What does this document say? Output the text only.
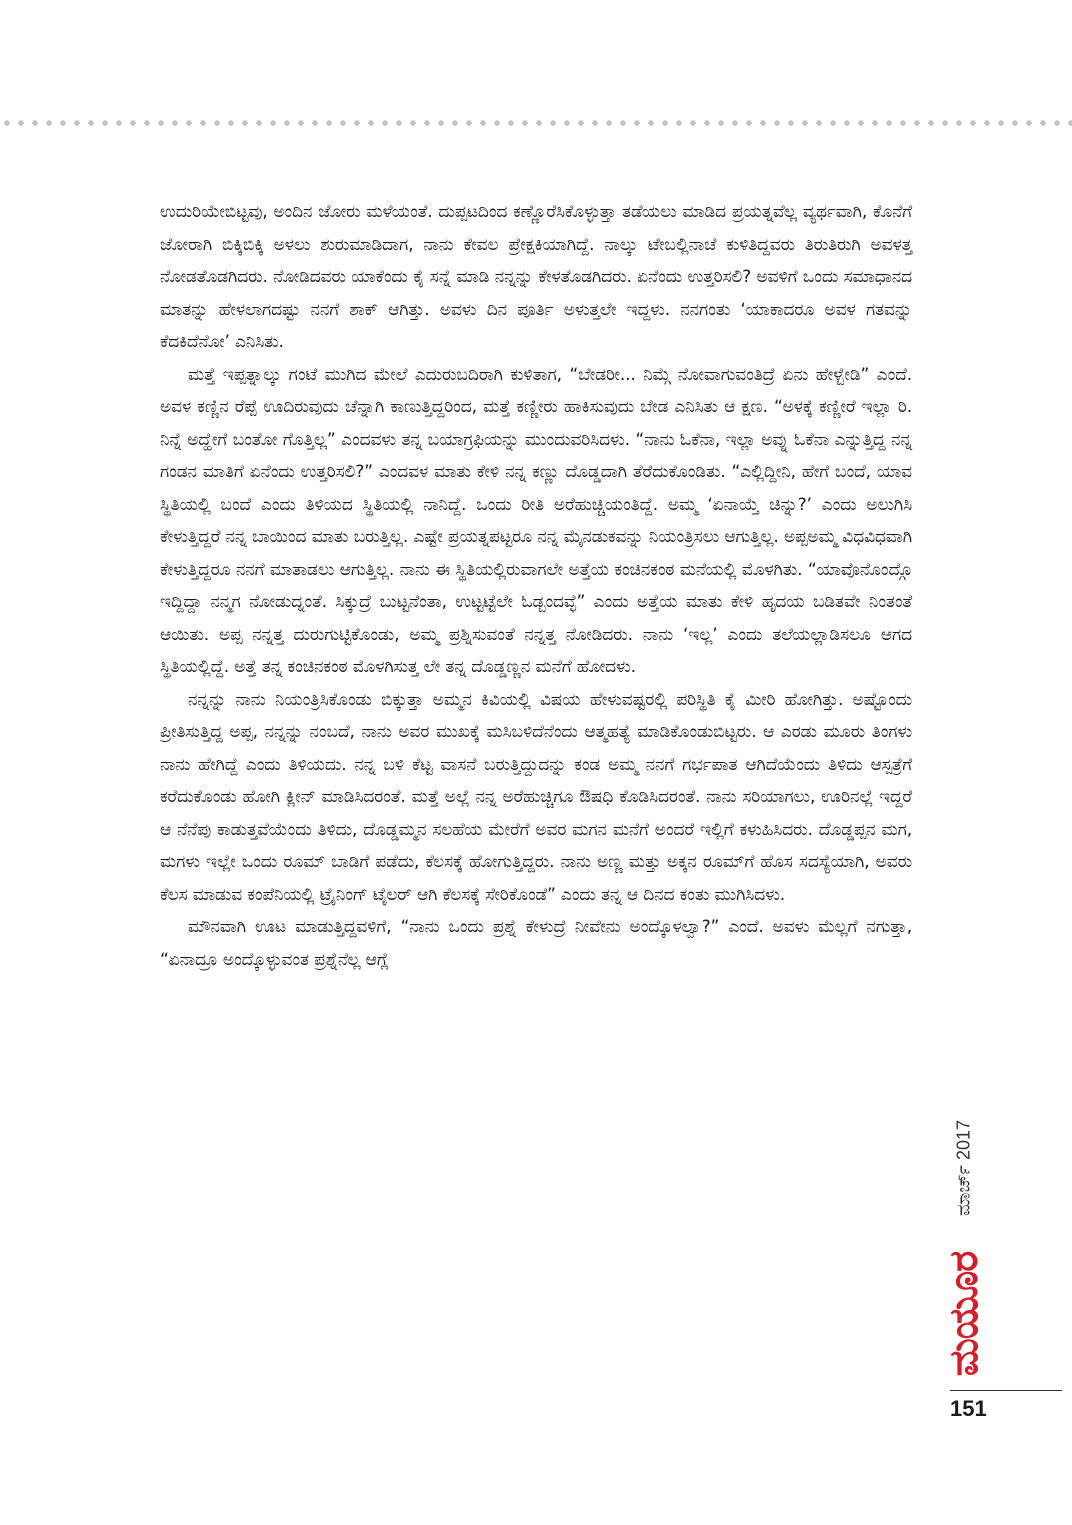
ಉದುರಿಯೇಬಿಟ್ಟವು, ಅಂದಿನ ಜೋರು ಮಳೆಯಂತೆ. ದುಪ್ಪಟದಿಂದ ಕಣ್ಣೊರೆಸಿಕೊಳ್ಳುತ್ತಾ ತಡೆಯಲು ಮಾಡಿದ ಪ್ರಯತ್ನವೆಲ್ಲ ವ್ಯರ್ಥವಾಗಿ, ಕೊನೆಗೆ ಜೋರಾಗಿ ಬಿಕ್ಕಿಬಿಕ್ಕಿ ಅಳಲು ಶುರುಮಾಡಿದಾಗ, ನಾನು ಕೇವಲ ಪ್ರೇಕ್ಷಕಿಯಾಗಿದ್ದೆ. ನಾಲ್ಕು ಟೇಬಲ್ಲಿನಾಚೆ ಕುಳಿತಿದ್ದವರು ತಿರುತಿರುಗಿ ಅವಳತ್ತ ನೋಡತೊಡಗಿದರು. ನೋಡಿದವರು ಯಾಕೆಂದು ಕೈ ಸನ್ನೆ ಮಾಡಿ ನನ್ನನ್ನು ಕೇಳತೊಡಗಿದರು. ಏನೆಂದು ಉತ್ತರಿಸಲಿ? ಅವಳಿಗೆ ಒಂದು ಸಮಾಧಾನದ ಮಾತನ್ನು ಹೇಳಲಾಗದಷ್ಟು ನನಗೆ ಶಾಕ್ ಆಗಿತ್ತು. ಅವಳು ದಿನ ಪೂರ್ತಿ ಅಳುತ್ತಲೇ ಇದ್ದಳು. ನನಗಂತು ‘ಯಾಕಾದರೂ ಅವಳ ಗತವನ್ನು ಕೆದಕಿದೆನೋ’ ಎನಿಸಿತು.

ಮತ್ತೆ ಇಪ್ಪತ್ನಾಲ್ಕು ಗಂಟೆ ಮುಗಿದ ಮೇಲೆ ಎದುರುಬದಿರಾಗಿ ಕುಳಿತಾಗ, “ಬೇಡರೀ... ನಿಮ್ಗೆ ನೋವಾಗುವಂತಿದ್ರೆ ಏನು ಹೇಳ್ಬೇಡಿ” ಎಂದೆ. ಅವಳ ಕಣ್ಣಿನ ರೆಪ್ಪೆ ಊದಿರುವುದು ಚೆನ್ನಾಗಿ ಕಾಣುತ್ತಿದ್ದರಿಂದ, ಮತ್ತೆ ಕಣ್ಣೀರು ಹಾಕಿಸುವುದು ಬೇಡ ಎನಿಸಿತು ಆ ಕ್ಷಣ. “ಅಳಕ್ಕೆ ಕಣ್ಣೀರೆ ಇಲ್ಲಾ ರಿ. ನಿನ್ನೆ ಅದ್ಹೇಗೆ ಬಂತೋ ಗೊತ್ತಿಲ್ಲ” ಎಂದವಳು ತನ್ನ ಬಯಾಗ್ರಫಿಯನ್ನು ಮುಂದುವರಿಸಿದಳು. “ನಾನು ಓಕೆನಾ, ಇಲ್ಲಾ ಅವ್ನು ಓಕೆನಾ ಎನ್ನುತ್ತಿದ್ದ ನನ್ನ ಗಂಡನ ಮಾತಿಗೆ ಏನೆಂದು ಉತ್ತರಿಸಲಿ?” ಎಂದವಳ ಮಾತು ಕೇಳಿ ನನ್ನ ಕಣ್ಣು ದೊಡ್ಡದಾಗಿ ತೆರೆದುಕೊಂಡಿತು. “ಎಲ್ಲಿದ್ದೀನಿ, ಹೇಗೆ ಬಂದೆ, ಯಾವ ಸ್ಥಿತಿಯಲ್ಲಿ ಬಂದೆ ಎಂದು ತಿಳಿಯದ ಸ್ಥಿತಿಯಲ್ಲಿ ನಾನಿದ್ದೆ. ಒಂದು ರೀತಿ ಅರೆಹುಚ್ಚಿಯಂತಿದ್ದೆ. ಅಮ್ಮ ‘ಏನಾಯ್ತೆ ಚಿನ್ನು?’ ಎಂದು ಅಲುಗಿಸಿ ಕೇಳುತ್ತಿದ್ದರೆ ನನ್ನ ಬಾಯಿಂದ ಮಾತು ಬರುತ್ತಿಲ್ಲ. ಎಷ್ಟೇ ಪ್ರಯತ್ನಪಟ್ಟರೂ ನನ್ನ ಮೈನಡುಕವನ್ನು ನಿಯಂತ್ರಿಸಲು ಆಗುತ್ತಿಲ್ಲ. ಅಪ್ಪಅಮ್ಮ ವಿಧವಿಧವಾಗಿ ಕೇಳುತ್ತಿದ್ದರೂ ನನಗೆ ಮಾತಾಡಲು ಆಗುತ್ತಿಲ್ಲ. ನಾನು ಈ ಸ್ಥಿತಿಯಲ್ಲಿರುವಾಗಲೇ ಅತ್ತೆಯ ಕಂಚಿನಕಂಠ ಮನೆಯಲ್ಲಿ ಮೊಳಗಿತು. “ಯಾವೊನೊಂದ್ಗೊ ಇದ್ದಿದ್ದಾ ನನ್ಮಗ ನೋಡುದ್ನಂತೆ. ಸಿಕ್ಕುದ್ರೆ ಬುಟ್ಟನೆಂತಾ, ಉಟ್ಟಟ್ಟೆಲೇ ಓಡ್ಬಂದವ್ಳೆ” ಎಂದು ಅತ್ತೆಯ ಮಾತು ಕೇಳಿ ಹೃದಯ ಬಡಿತವೇ ನಿಂತಂತೆ ಆಯಿತು. ಅಪ್ಪ ನನ್ನತ್ತ ದುರುಗುಟ್ಟಿಕೊಂಡು, ಅಮ್ಮ ಪ್ರಶ್ನಿಸುವಂತೆ ನನ್ನತ್ತ ನೋಡಿದರು. ನಾನು ‘ಇಲ್ಲ’ ಎಂದು ತಲೆಯಲ್ಲಾಡಿಸಲೂ ಆಗದ ಸ್ಥಿತಿಯಲ್ಲಿದ್ದೆ. ಅತ್ತೆ ತನ್ನ ಕಂಚಿನಕಂಠ ಮೊಳಗಿಸುತ್ತ ಲೇ ತನ್ನ ದೊಡ್ಡಣ್ಣನ ಮನೆಗೆ ಹೋದಳು.

ನನ್ನನ್ನು ನಾನು ನಿಯಂತ್ರಿಸಿಕೊಂಡು ಬಿಕ್ಕುತ್ತಾ ಅಮ್ಮನ ಕಿವಿಯಲ್ಲಿ ವಿಷಯ ಹೇಳುವಷ್ಟರಲ್ಲಿ ಪರಿಸ್ಥಿತಿ ಕೈ ಮೀರಿ ಹೋಗಿತ್ತು. ಅಷ್ಟೊಂದು ಪ್ರೀತಿಸುತ್ತಿದ್ದ ಅಪ್ಪ, ನನ್ನನ್ನು ನಂಬದೆ, ನಾನು ಅವರ ಮುಖಕ್ಕೆ ಮಸಿಬಳಿದೆನೆಂದು ಆತ್ಮಹತ್ಯೆ ಮಾಡಿಕೊಂಡುಬಿಟ್ಟರು. ಆ ಎರಡು ಮೂರು ತಿಂಗಳು ನಾನು ಹೇಗಿದ್ದೆ ಎಂದು ತಿಳಿಯದು. ನನ್ನ ಬಳಿ ಕೆಟ್ಟ ವಾಸನೆ ಬರುತ್ತಿದ್ದುದನ್ನು ಕಂಡ ಅಮ್ಮ ನನಗೆ ಗರ್ಭಪಾತ ಆಗಿದೆಯೆಂದು ತಿಳಿದು ಆಸ್ಪತ್ರೆಗೆ ಕರೆದುಕೊಂಡು ಹೋಗಿ ಕ್ಲೀನ್ ಮಾಡಿಸಿದರಂತೆ. ಮತ್ತೆ ಅಲ್ಲೆ ನನ್ನ ಅರೆಹುಚ್ಚಿಗೂ ಔಷಧಿ ಕೊಡಿಸಿದರಂತೆ. ನಾನು ಸರಿಯಾಗಲು, ಊರಿನಲ್ಲೆ ಇದ್ದರೆ ಆ ನೆನೆಪು ಕಾಡುತ್ತವೆಯೆಂದು ತಿಳಿದು, ದೊಡ್ಡಮ್ಮನ ಸಲಹೆಯ ಮೇರೆಗೆ ಅವರ ಮಗನ ಮನೆಗೆ ಅಂದರೆ ಇಲ್ಲಿಗೆ ಕಳುಹಿಸಿದರು. ದೊಡ್ಡಪ್ಪನ ಮಗ, ಮಗಳು ಇಲ್ಲೇ ಒಂದು ರೂಮ್ ಬಾಡಿಗೆ ಪಡೆದು, ಕೆಲಸಕ್ಕೆ ಹೋಗುತ್ತಿದ್ದರು. ನಾನು ಅಣ್ಣ ಮತ್ತು ಅಕ್ಕನ ರೂಮ್‌ಗೆ ಹೊಸ ಸದಸ್ಯೆಯಾಗಿ, ಅವರು ಕೆಲಸ ಮಾಡುವ ಕಂಪೆನಿಯಲ್ಲಿ ಟ್ರೈನಿಂಗ್ ಟೈಲರ್ ಆಗಿ ಕೆಲಸಕ್ಕೆ ಸೇರಿಕೊಂಡೆ” ಎಂದು ತನ್ನ ಆ ದಿನದ ಕಂತು ಮುಗಿಸಿದಳು.

ಮೌನವಾಗಿ ಊಟ ಮಾಡುತ್ತಿದ್ದವಳಿಗೆ, “ನಾನು ಒಂದು ಪ್ರಶ್ನೆ ಕೇಳುದ್ರೆ ನೀವೇನು ಅಂದ್ಕೊಳಲ್ವಾ?” ಎಂದೆ. ಅವಳು ಮೆಲ್ಲಗೆ ನಗುತ್ತಾ, “ಏನಾದ್ರೂ ಅಂದ್ಕೊಳ್ಳುವಂತ ಪ್ರಶ್ನೆನೆಲ್ಲ ಆಗ್ಲೆ

ಮಾರ್ಚ್ 2017
ಮಯೂರ
151
